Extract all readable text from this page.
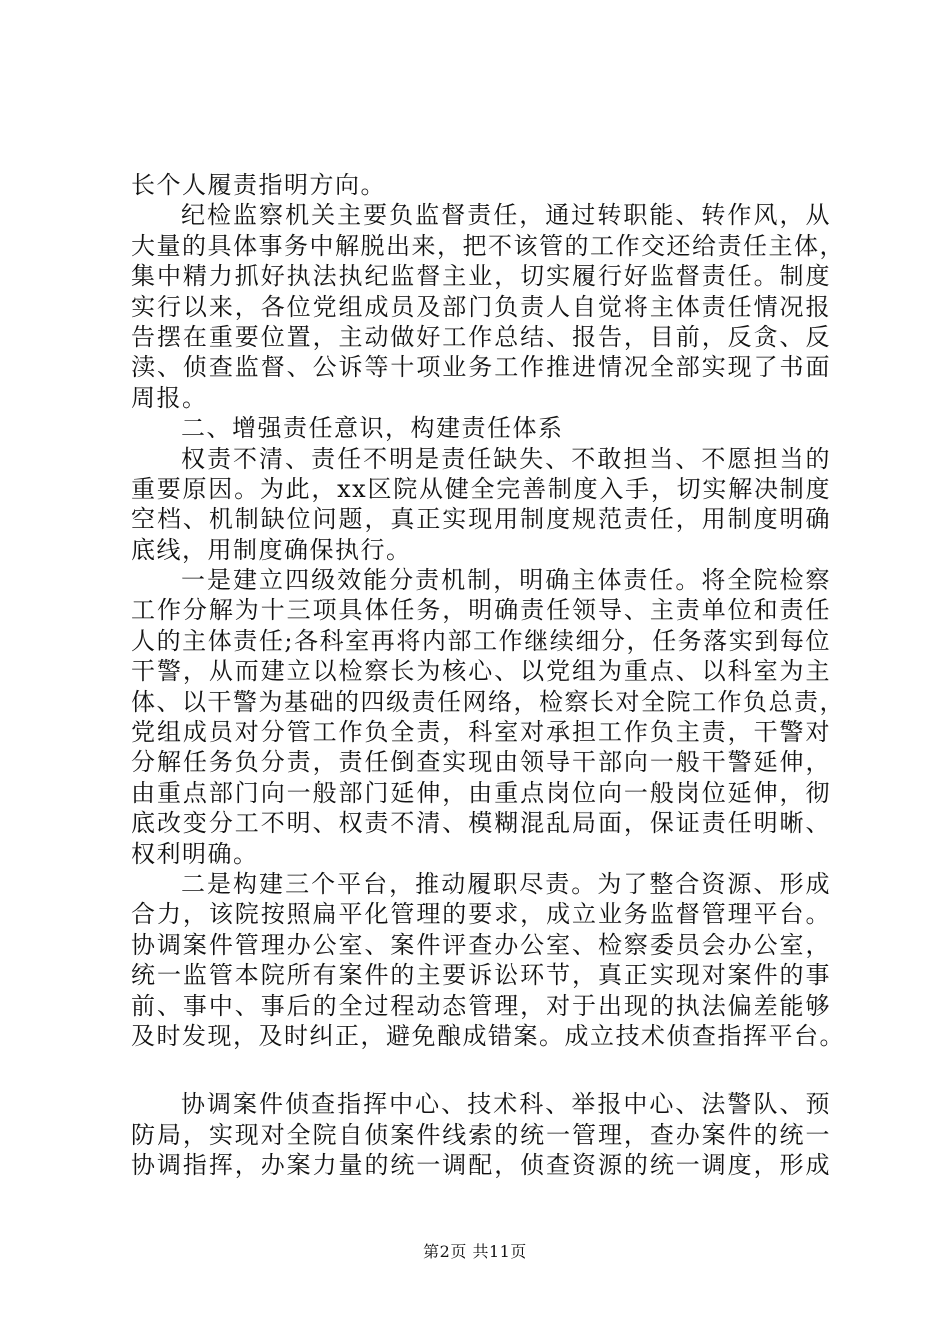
长个人履责指明方向。
纪检监察机关主要负监督责任，通过转职能、转作风，从
大量的具体事务中解脱出来，把不该管的工作交还给责任主体，
集中精力抓好执法执纪监督主业，切实履行好监督责任。制度
实行以来，各位党组成员及部门负责人自觉将主体责任情况报
告摆在重要位置，主动做好工作总结、报告，目前，反贪、反
渎、侦查监督、公诉等十项业务工作推进情况全部实现了书面
周报。
二、增强责任意识，构建责任体系
权责不清、责任不明是责任缺失、不敢担当、不愿担当的
重要原因。为此，xx区院从健全完善制度入手，切实解决制度
空档、机制缺位问题，真正实现用制度规范责任，用制度明确
底线，用制度确保执行。
一是建立四级效能分责机制，明确主体责任。将全院检察
工作分解为十三项具体任务，明确责任领导、主责单位和责任
人的主体责任;各科室再将内部工作继续细分，任务落实到每位
干警，从而建立以检察长为核心、以党组为重点、以科室为主
体、以干警为基础的四级责任网络，检察长对全院工作负总责，
党组成员对分管工作负全责，科室对承担工作负主责，干警对
分解任务负分责，责任倒查实现由领导干部向一般干警延伸，
由重点部门向一般部门延伸，由重点岗位向一般岗位延伸，彻
底改变分工不明、权责不清、模糊混乱局面，保证责任明晰、
权利明确。
二是构建三个平台，推动履职尽责。为了整合资源、形成
合力，该院按照扁平化管理的要求，成立业务监督管理平台。
协调案件管理办公室、案件评查办公室、检察委员会办公室，
统一监管本院所有案件的主要诉讼环节，真正实现对案件的事
前、事中、事后的全过程动态管理，对于出现的执法偏差能够
及时发现，及时纠正，避免酿成错案。成立技术侦查指挥平台。
协调案件侦查指挥中心、技术科、举报中心、法警队、预
防局，实现对全院自侦案件线索的统一管理，查办案件的统一
协调指挥，办案力量的统一调配，侦查资源的统一调度，形成
第2页 共11页
